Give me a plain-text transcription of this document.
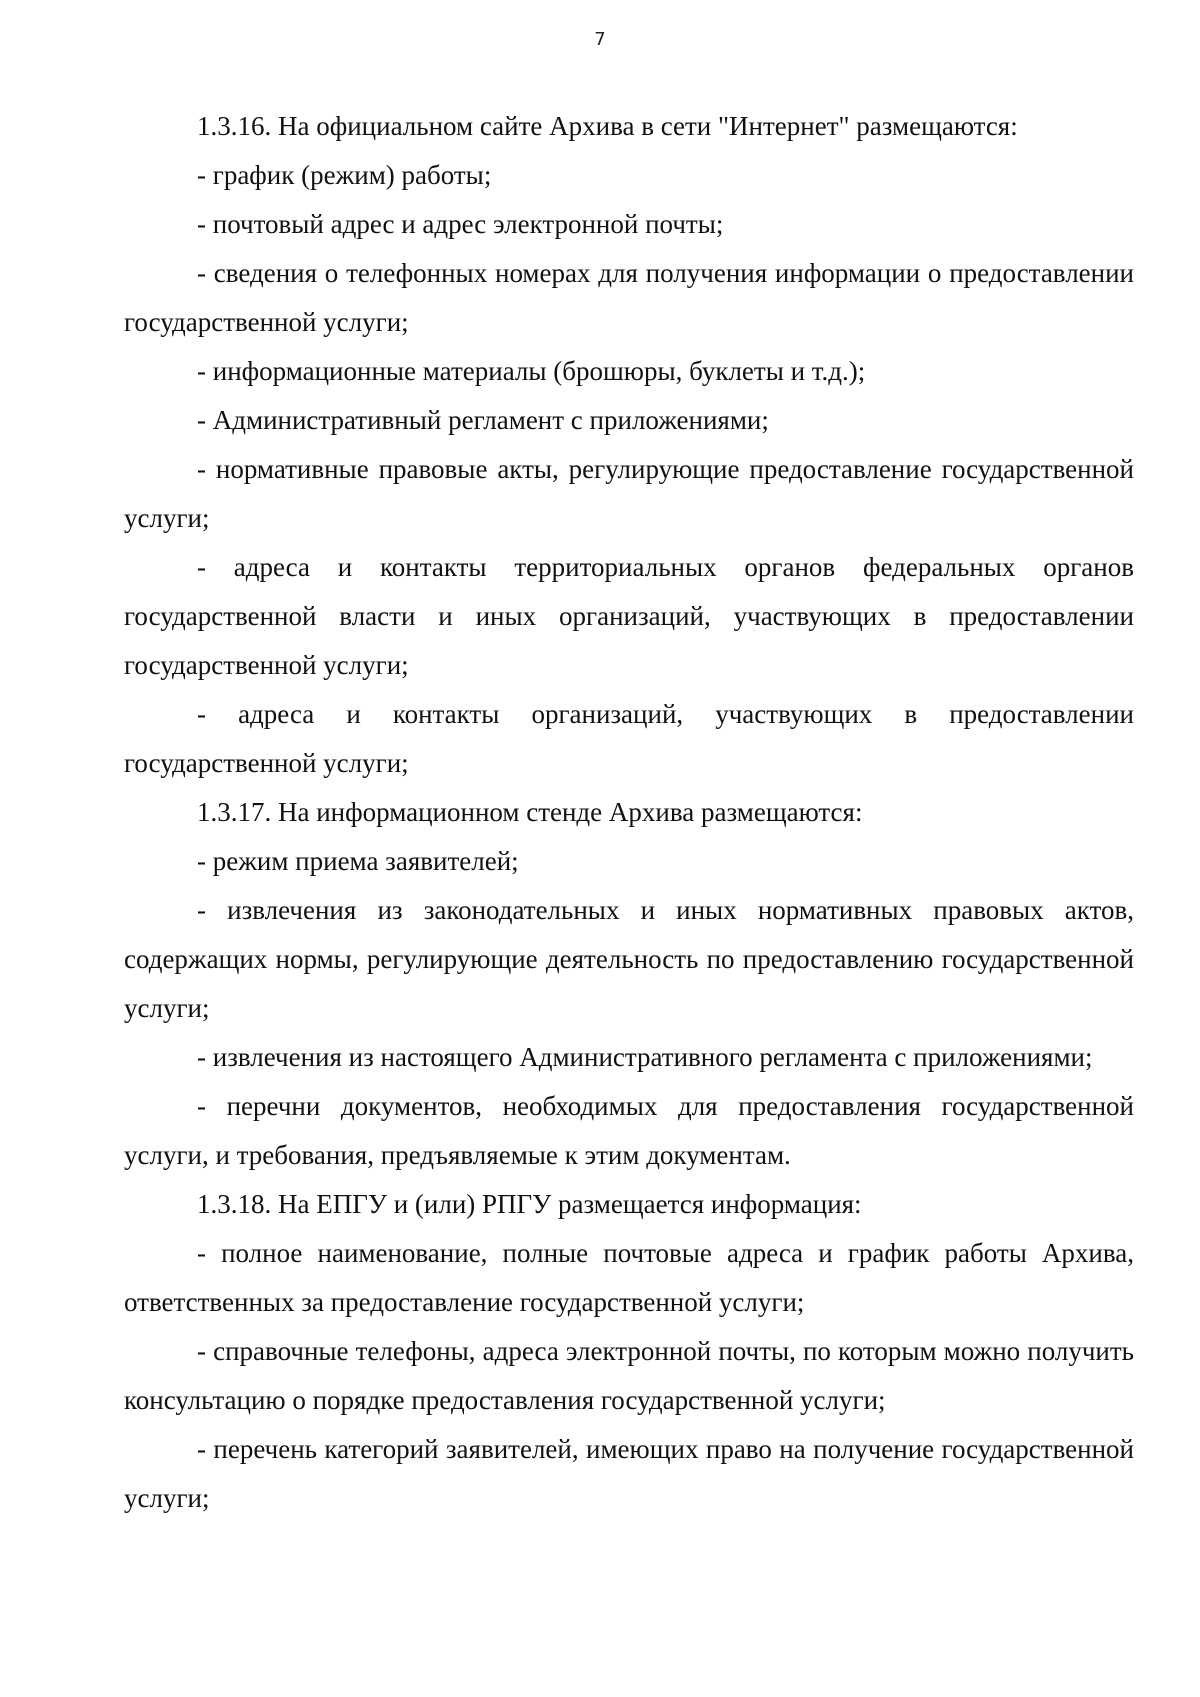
7

1.3.16. На официальном сайте Архива в сети "Интернет" размещаются:

- график (режим) работы;

- почтовый адрес и адрес электронной почты;

- сведения о телефонных номерах для получения информации о предоставлении государственной услуги;

- информационные материалы (брошюры, буклеты и т.д.);

- Административный регламент с приложениями;

- нормативные правовые акты, регулирующие предоставление государственной услуги;

- адреса и контакты территориальных органов федеральных органов государственной власти и иных организаций, участвующих в предоставлении государственной услуги;

- адреса и контакты организаций, участвующих в предоставлении государственной услуги;

1.3.17. На информационном стенде Архива размещаются:

- режим приема заявителей;

- извлечения из законодательных и иных нормативных правовых актов, содержащих нормы, регулирующие деятельность по предоставлению государственной услуги;

- извлечения из настоящего Административного регламента с приложениями;

- перечни документов, необходимых для предоставления государственной услуги, и требования, предъявляемые к этим документам.

1.3.18. На ЕПГУ и (или) РПГУ размещается информация:

- полное наименование, полные почтовые адреса и график работы Архива, ответственных за предоставление государственной услуги;

- справочные телефоны, адреса электронной почты, по которым можно получить консультацию о порядке предоставления государственной услуги;

- перечень категорий заявителей, имеющих право на получение государственной услуги;
